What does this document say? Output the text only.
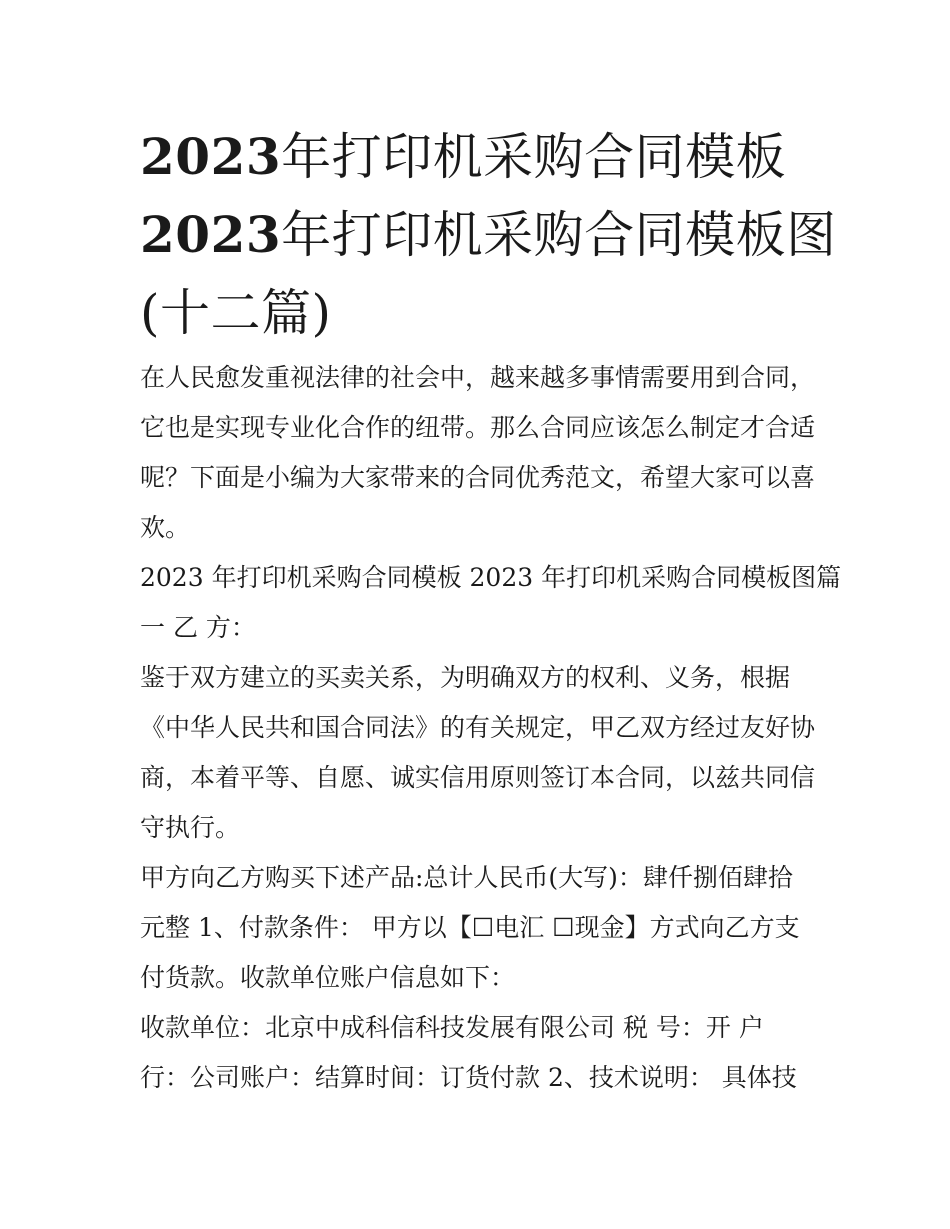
2023年打印机采购合同模板
2023年打印机采购合同模板图
(十二篇)

在人民愈发重视法律的社会中，越来越多事情需要用到合同，
它也是实现专业化合作的纽带。那么合同应该怎么制定才合适
呢？下面是小编为大家带来的合同优秀范文，希望大家可以喜
欢。

2023 年打印机采购合同模板 2023 年打印机采购合同模板图篇
一 乙 方：

鉴于双方建立的买卖关系，为明确双方的权利、义务，根据
《中华人民共和国合同法》的有关规定，甲乙双方经过友好协
商，本着平等、自愿、诚实信用原则签订本合同，以兹共同信
守执行。

甲方向乙方购买下述产品:总计人民币(大写)：肆仟捌佰肆拾
元整 1、付款条件： 甲方以【☐电汇 ☐现金】方式向乙方支
付货款。收款单位账户信息如下：

收款单位：北京中成科信科技发展有限公司 税 号：开 户
行：公司账户：结算时间：订货付款 2、技术说明： 具体技
